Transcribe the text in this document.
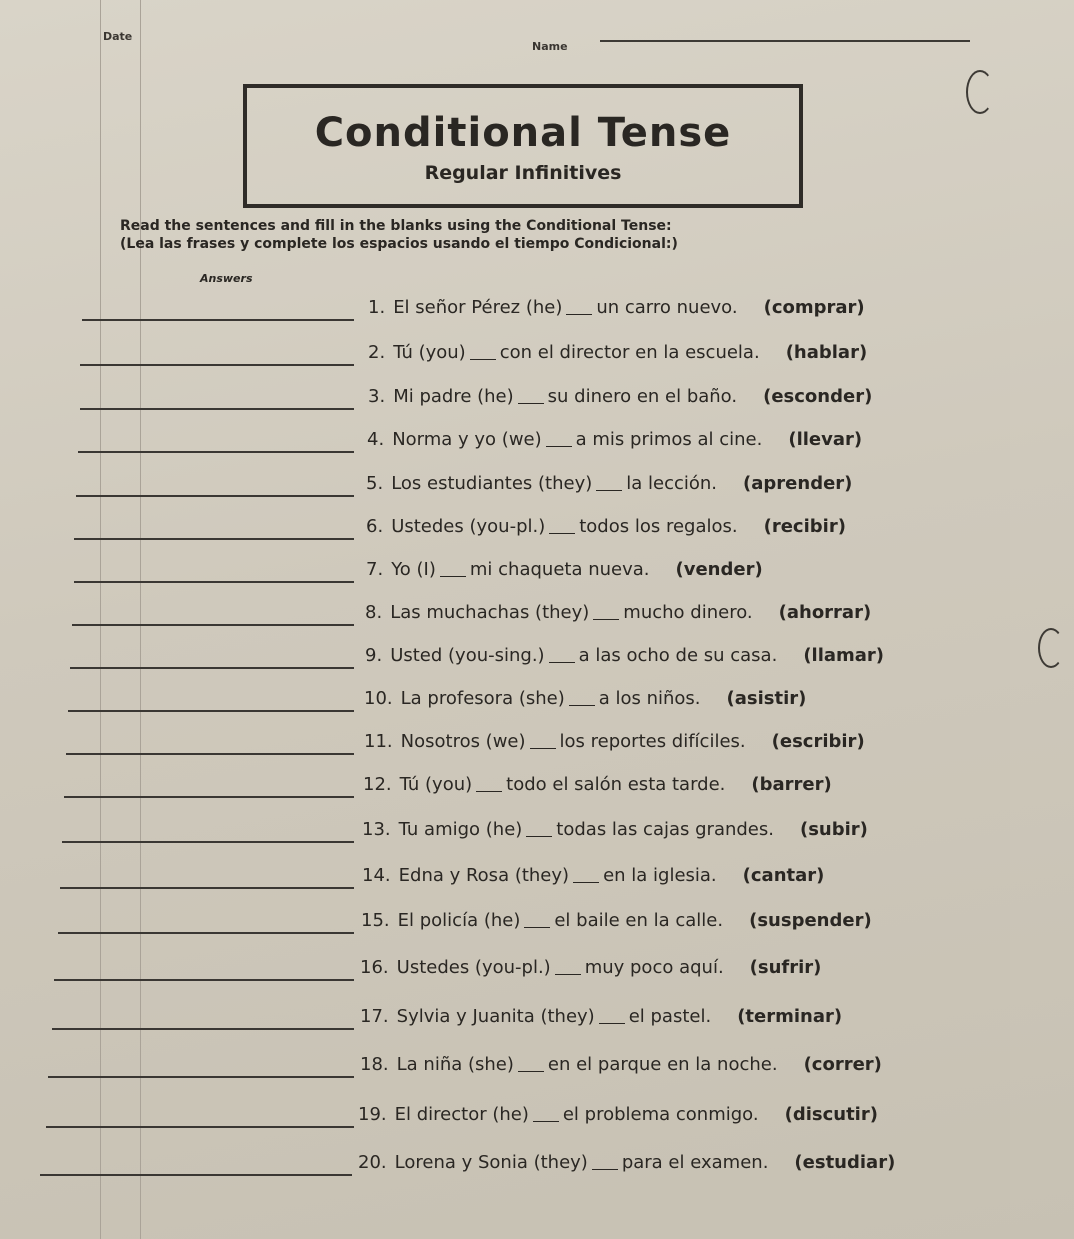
Date
Name
Conditional Tense
Regular Infinitives
Read the sentences and fill in the blanks using the Conditional Tense:
(Lea las frases y complete los espacios usando el tiempo Condicional:)
Answers
1. El señor Pérez (he) un carro nuevo. (comprar)
2. Tú (you) con el director en la escuela. (hablar)
3. Mi padre (he) su dinero en el baño. (esconder)
4. Norma y yo (we) a mis primos al cine. (llevar)
5. Los estudiantes (they) la lección. (aprender)
6. Ustedes (you-pl.) todos los regalos. (recibir)
7. Yo (I) mi chaqueta nueva. (vender)
8. Las muchachas (they) mucho dinero. (ahorrar)
9. Usted (you-sing.) a las ocho de su casa. (llamar)
10. La profesora (she) a los niños. (asistir)
11. Nosotros (we) los reportes difíciles. (escribir)
12. Tú (you) todo el salón esta tarde. (barrer)
13. Tu amigo (he) todas las cajas grandes. (subir)
14. Edna y Rosa (they) en la iglesia. (cantar)
15. El policía (he) el baile en la calle. (suspender)
16. Ustedes (you-pl.) muy poco aquí. (sufrir)
17. Sylvia y Juanita (they) el pastel. (terminar)
18. La niña (she) en el parque en la noche. (correr)
19. El director (he) el problema conmigo. (discutir)
20. Lorena y Sonia (they) para el examen. (estudiar)
